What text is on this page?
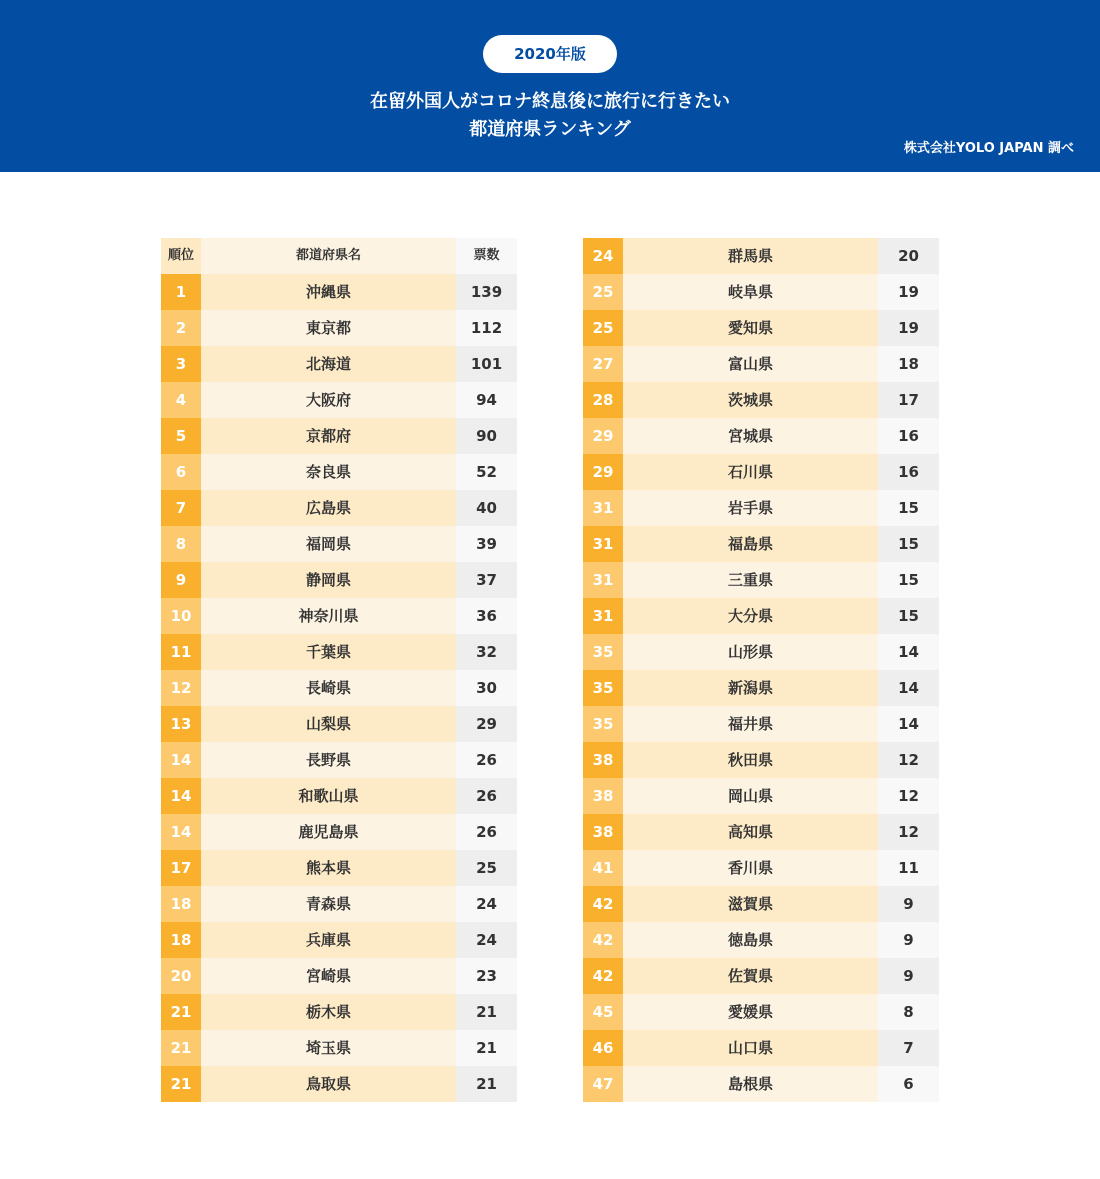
2020年版
在留外国人がコロナ終息後に旅行に行きたい
都道府県ランキング
株式会社YOLO JAPAN 調べ
順位	都道府県名	票数
1	沖縄県	139
2	東京都	112
3	北海道	101
4	大阪府	94
5	京都府	90
6	奈良県	52
7	広島県	40
8	福岡県	39
9	静岡県	37
10	神奈川県	36
11	千葉県	32
12	長崎県	30
13	山梨県	29
14	長野県	26
14	和歌山県	26
14	鹿児島県	26
17	熊本県	25
18	青森県	24
18	兵庫県	24
20	宮崎県	23
21	栃木県	21
21	埼玉県	21
21	鳥取県	21
24	群馬県	20
25	岐阜県	19
25	愛知県	19
27	富山県	18
28	茨城県	17
29	宮城県	16
29	石川県	16
31	岩手県	15
31	福島県	15
31	三重県	15
31	大分県	15
35	山形県	14
35	新潟県	14
35	福井県	14
38	秋田県	12
38	岡山県	12
38	高知県	12
41	香川県	11
42	滋賀県	9
42	徳島県	9
42	佐賀県	9
45	愛媛県	8
46	山口県	7
47	島根県	6
